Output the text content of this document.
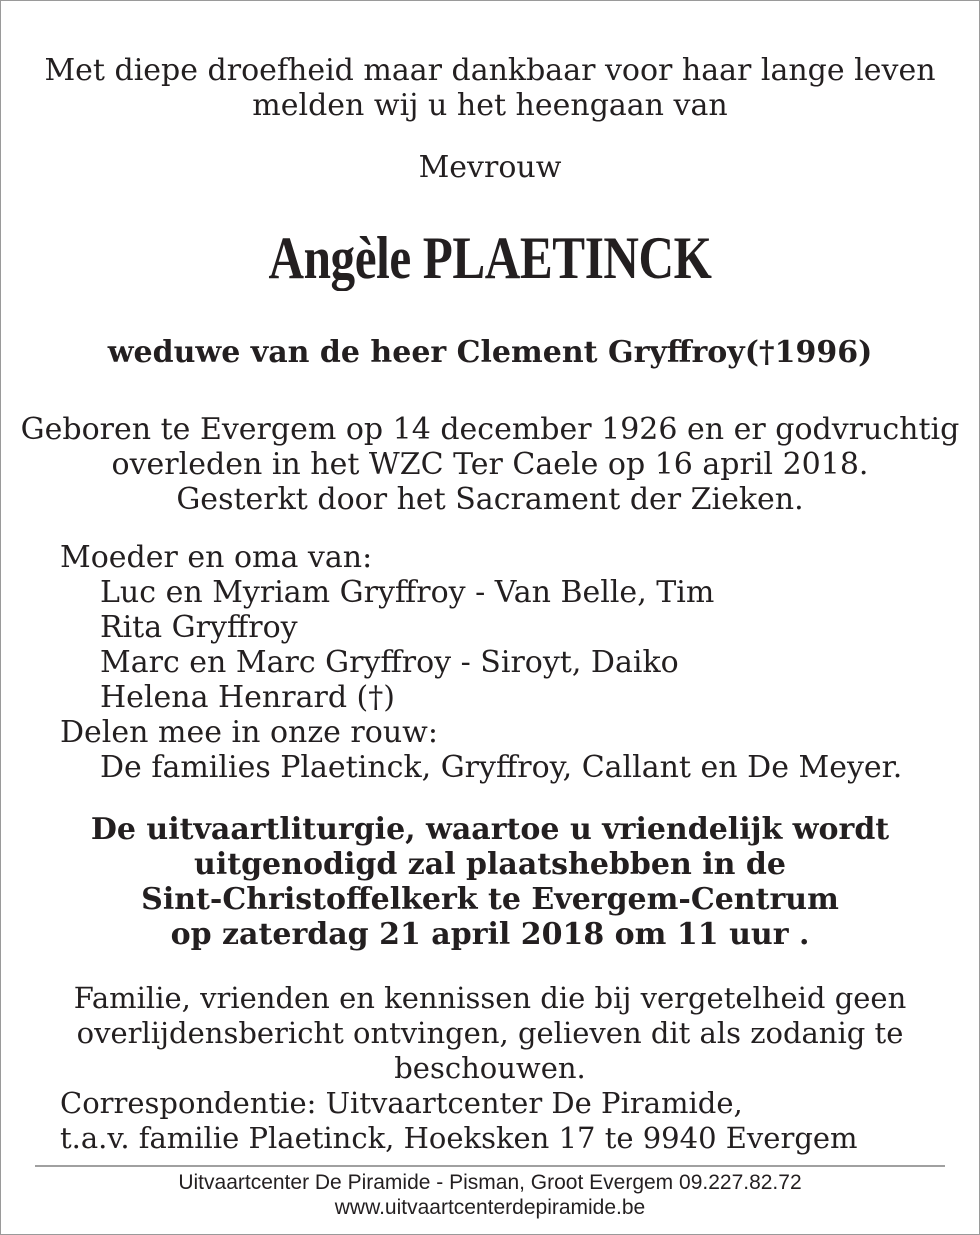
Met diepe droefheid maar dankbaar voor haar lange leven
melden wij u het heengaan van
Mevrouw
Angèle PLAETINCK
weduwe van de heer Clement Gryffroy(†1996)
Geboren te Evergem op 14 december 1926 en er godvruchtig
overleden in het WZC Ter Caele op 16 april 2018.
Gesterkt door het Sacrament der Zieken.
Moeder en oma van:
Luc en Myriam Gryffroy - Van Belle, Tim
Rita Gryffroy
Marc en Marc Gryffroy - Siroyt, Daiko
Helena Henrard (†)
Delen mee in onze rouw:
De families Plaetinck, Gryffroy, Callant en De Meyer.
De uitvaartliturgie, waartoe u vriendelijk wordt
uitgenodigd zal plaatshebben in de
Sint-Christoffelkerk te Evergem-Centrum
op zaterdag 21 april 2018 om 11 uur .
Familie, vrienden en kennissen die bij vergetelheid geen
overlijdensbericht ontvingen, gelieven dit als zodanig te
beschouwen.
Correspondentie: Uitvaartcenter De Piramide,
t.a.v. familie Plaetinck, Hoeksken 17 te 9940 Evergem
Uitvaartcenter De Piramide - Pisman, Groot Evergem 09.227.82.72
www.uitvaartcenterdepiramide.be
